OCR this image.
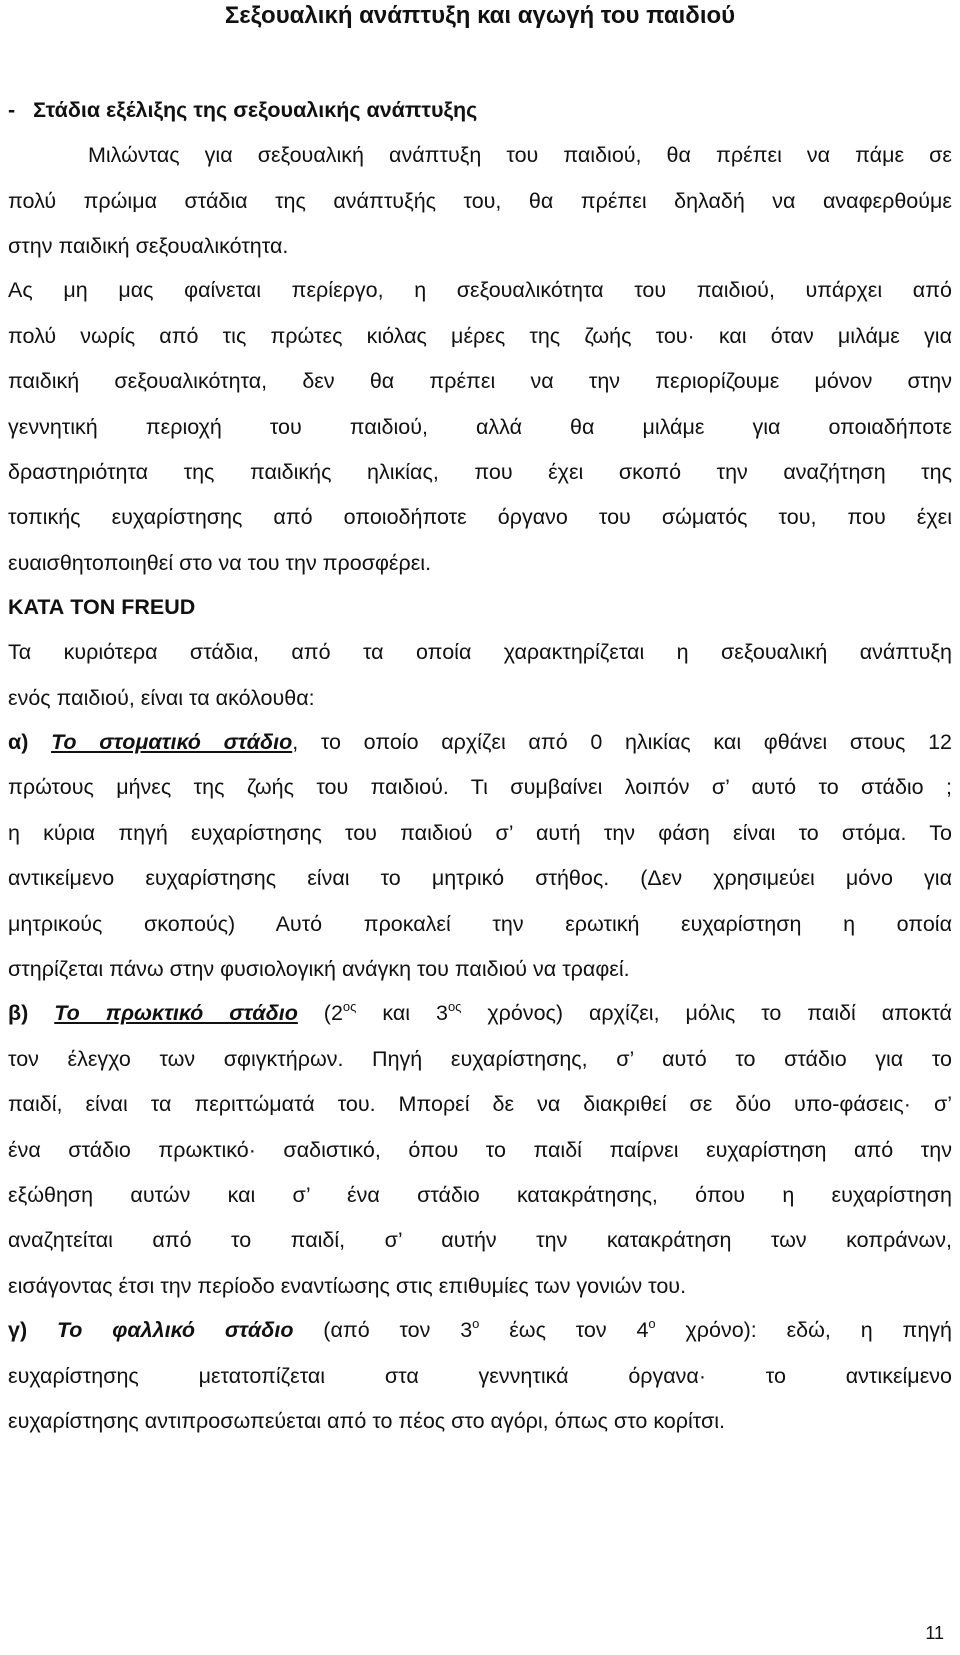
Σεξουαλική ανάπτυξη και αγωγή του παιδιού
- Στάδια εξέλιξης της σεξουαλικής ανάπτυξης
Μιλώντας για σεξουαλική ανάπτυξη του παιδιού, θα πρέπει να πάμε σε
πολύ πρώιμα στάδια της ανάπτυξής του, θα πρέπει δηλαδή να αναφερθούμε
στην παιδική σεξουαλικότητα.
Ας μη μας φαίνεται περίεργο, η σεξουαλικότητα του παιδιού, υπάρχει από
πολύ νωρίς από τις πρώτες κιόλας μέρες της ζωής του· και όταν μιλάμε για
παιδική σεξουαλικότητα, δεν θα πρέπει να την περιορίζουμε μόνον στην
γεννητική περιοχή του παιδιού, αλλά θα μιλάμε για οποιαδήποτε
δραστηριότητα της παιδικής ηλικίας, που έχει σκοπό την αναζήτηση της
τοπικής ευχαρίστησης από οποιοδήποτε όργανο του σώματός του, που έχει
ευαισθητοποιηθεί στο να του την προσφέρει.
ΚΑΤΑ ΤΟΝ FREUD
Τα κυριότερα στάδια, από τα οποία χαρακτηρίζεται η σεξουαλική ανάπτυξη
ενός παιδιού, είναι τα ακόλουθα:
α) Το στοματικό στάδιο, το οποίο αρχίζει από 0 ηλικίας και φθάνει στους 12
πρώτους μήνες της ζωής του παιδιού. Τι συμβαίνει λοιπόν σ’ αυτό το στάδιο ;
η κύρια πηγή ευχαρίστησης του παιδιού σ’ αυτή την φάση είναι το στόμα. Το
αντικείμενο ευχαρίστησης είναι το μητρικό στήθος. (Δεν χρησιμεύει μόνο για
μητρικούς σκοπούς) Αυτό προκαλεί την ερωτική ευχαρίστηση η οποία
στηρίζεται πάνω στην φυσιολογική ανάγκη του παιδιού να τραφεί.
β) Το πρωκτικό στάδιο ($2^{o\varsigma}$ και $3^{o\varsigma}$ χρόνος) αρχίζει, μόλις το παιδί αποκτά
τον έλεγχο των σφιγκτήρων. Πηγή ευχαρίστησης, σ’ αυτό το στάδιο για το
παιδί, είναι τα περιττώματά του. Μπορεί δε να διακριθεί σε δύο υπο-φάσεις· σ’
ένα στάδιο πρωκτικό· σαδιστικό, όπου το παιδί παίρνει ευχαρίστηση από την
εξώθηση αυτών και σ’ ένα στάδιο κατακράτησης, όπου η ευχαρίστηση
αναζητείται από το παιδί, σ’ αυτήν την κατακράτηση των κοπράνων,
εισάγοντας έτσι την περίοδο εναντίωσης στις επιθυμίες των γονιών του.
γ) Το φαλλικό στάδιο (από τον $3^o$ έως τον $4^o$ χρόνο): εδώ, η πηγή
ευχαρίστησης μετατοπίζεται στα γεννητικά όργανα· το αντικείμενο
ευχαρίστησης αντιπροσωπεύεται από το πέος στο αγόρι, όπως στο κορίτσι.
11
